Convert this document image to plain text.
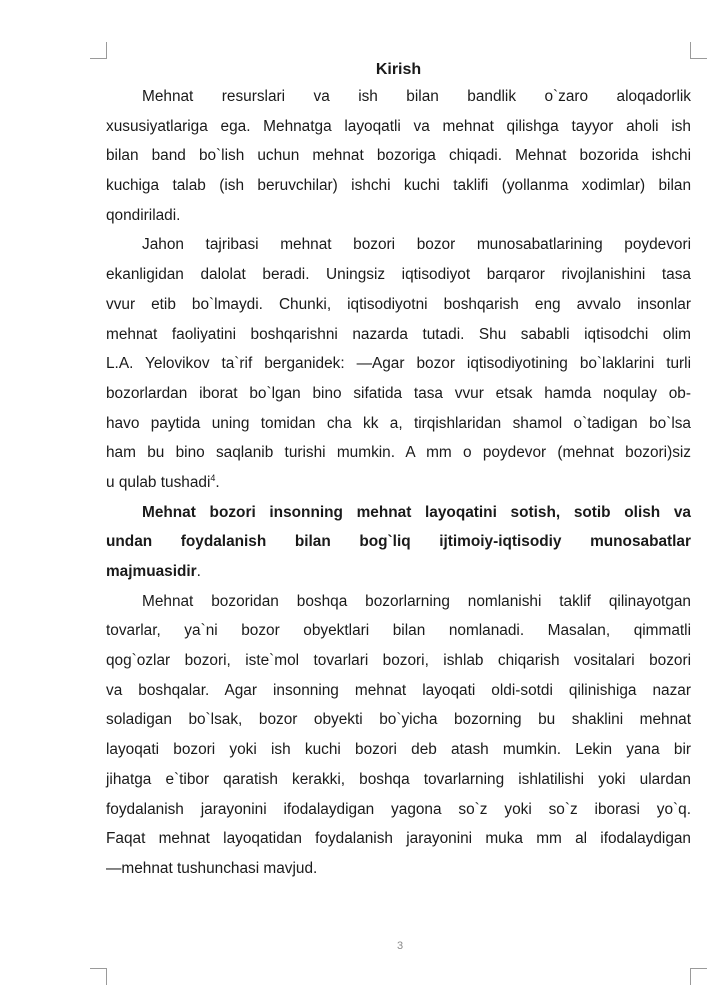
Kirish
Mehnat resurslari va ish bilan bandlik o`zaro aloqadorlik
xususiyatlariga ega. Mehnatga layoqatli va mehnat qilishga tayyor aholi ish
bilan band bo`lish uchun mehnat bozoriga chiqadi. Mehnat bozorida ishchi
kuchiga talab (ish beruvchilar) ishchi kuchi taklifi (yollanma xodimlar) bilan
qondiriladi.
Jahon tajribasi mehnat bozori bozor munosabatlarining poydevori
ekanligidan dalolat beradi. Uningsiz iqtisodiyot barqaror rivojlanishini tasa
vvur etib bo`lmaydi. Chunki, iqtisodiyotni boshqarish eng avvalo insonlar
mehnat faoliyatini boshqarishni nazarda tutadi. Shu sababli iqtisodchi olim
L.A. Yelovikov ta`rif berganidek: ―Agar bozor iqtisodiyotining bo`laklarini turli
bozorlardan iborat bo`lgan bino sifatida tasa vvur etsak hamda noqulay ob-
havo paytida uning tomidan cha kk a, tirqishlaridan shamol o`tadigan bo`lsa
ham bu bino saqlanib turishi mumkin. A mm o poydevor (mehnat bozori)siz
u qulab tushadi$^4$.
Mehnat bozori insonning mehnat layoqatini sotish, sotib olish va
undan foydalanish bilan bog`liq ijtimoiy-iqtisodiy munosabatlar
majmuasidir.
Mehnat bozoridan boshqa bozorlarning nomlanishi taklif qilinayotgan
tovarlar, ya`ni bozor obyektlari bilan nomlanadi. Masalan, qimmatli
qog`ozlar bozori, iste`mol tovarlari bozori, ishlab chiqarish vositalari bozori
va boshqalar. Agar insonning mehnat layoqati oldi-sotdi qilinishiga nazar
soladigan bo`lsak, bozor obyekti bo`yicha bozorning bu shaklini mehnat
layoqati bozori yoki ish kuchi bozori deb atash mumkin. Lekin yana bir
jihatga e`tibor qaratish kerakki, boshqa tovarlarning ishlatilishi yoki ulardan
foydalanish jarayonini ifodalaydigan yagona so`z yoki so`z iborasi yo`q.
Faqat mehnat layoqatidan foydalanish jarayonini muka mm al ifodalaydigan
―mehnat tushunchasi mavjud.
3
